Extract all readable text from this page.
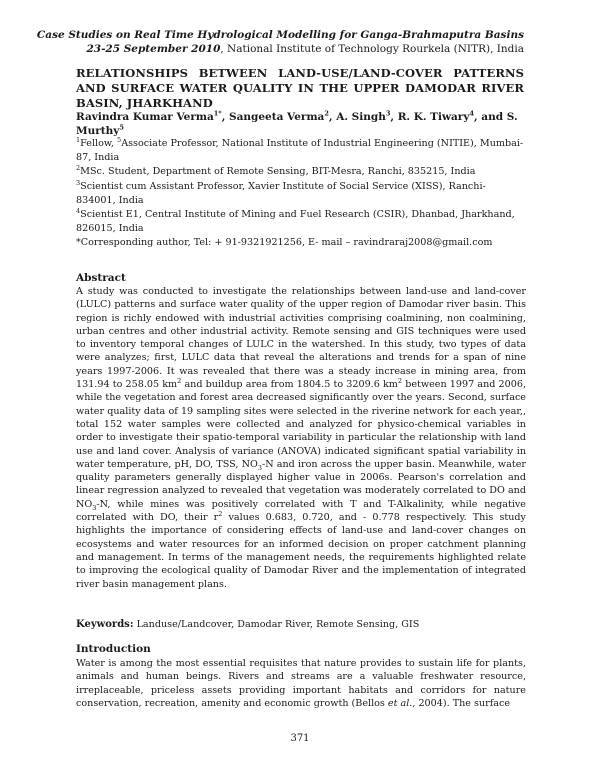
Case Studies on Real Time Hydrological Modelling for Ganga-Brahmaputra Basins
23-25 September 2010, National Institute of Technology Rourkela (NITR), India
RELATIONSHIPS BETWEEN LAND-USE/LAND-COVER PATTERNS AND SURFACE WATER QUALITY IN THE UPPER DAMODAR RIVER BASIN, JHARKHAND
Ravindra Kumar Verma$^{1*}$, Sangeeta Verma$^2$, A. Singh$^3$, R. K. Tiwary$^4$, and S. Murthy$^5$

$^1$Fellow, $^5$Associate Professor, National Institute of Industrial Engineering (NITIE), Mumbai-87, India

$^2$MSc. Student, Department of Remote Sensing, BIT-Mesra, Ranchi, 835215, India

$^3$Scientist cum Assistant Professor, Xavier Institute of Social Service (XISS), Ranchi- 834001, India

$^4$Scientist E1, Central Institute of Mining and Fuel Research (CSIR), Dhanbad, Jharkhand, 826015, India

*Corresponding author, Tel: + 91-9321921256, E- mail – ravindraraj2008@gmail.com

Abstract

A study was conducted to investigate the relationships between land-use and land-cover (LULC) patterns and surface water quality of the upper region of Damodar river basin. This region is richly endowed with industrial activities comprising coalmining, non coalmining, urban centres and other industrial activity. Remote sensing and GIS techniques were used to inventory temporal changes of LULC in the watershed. In this study, two types of data were analyzes; first, LULC data that reveal the alterations and trends for a span of nine years 1997-2006. It was revealed that there was a steady increase in mining area, from 131.94 to 258.05 $km^2$ and buildup area from 1804.5 to 3209.6 $km^2$ between 1997 and 2006, while the vegetation and forest area decreased significantly over the years. Second, surface water quality data of 19 sampling sites were selected in the riverine network for each year,, total 152 water samples were collected and analyzed for physico-chemical variables in order to investigate their spatio-temporal variability in particular the relationship with land use and land cover. Analysis of variance (ANOVA) indicated significant spatial variability in water temperature, pH, DO, TSS, $NO_3-N$ and iron across the upper basin. Meanwhile, water quality parameters generally displayed higher value in 2006s. Pearson's correlation and linear regression analyzed to revealed that vegetation was moderately correlated to DO and $NO_3-N$, while mines was positively correlated with T and T-Alkalinity, while negative correlated with DO, their $r^2$ values 0.683, 0.720, and - 0.778 respectively. This study highlights the importance of considering effects of land-use and land-cover changes on ecosystems and water resources for an informed decision on proper catchment planning and management. In terms of the management needs, the requirements highlighted relate to improving the ecological quality of Damodar River and the implementation of integrated river basin management plans.

Keywords: Landuse/Landcover, Damodar River, Remote Sensing, GIS

Introduction

Water is among the most essential requisites that nature provides to sustain life for plants, animals and human beings. Rivers and streams are a valuable freshwater resource, irreplaceable, priceless assets providing important habitats and corridors for nature conservation, recreation, amenity and economic growth (Bellos et al., 2004). The surface

371
